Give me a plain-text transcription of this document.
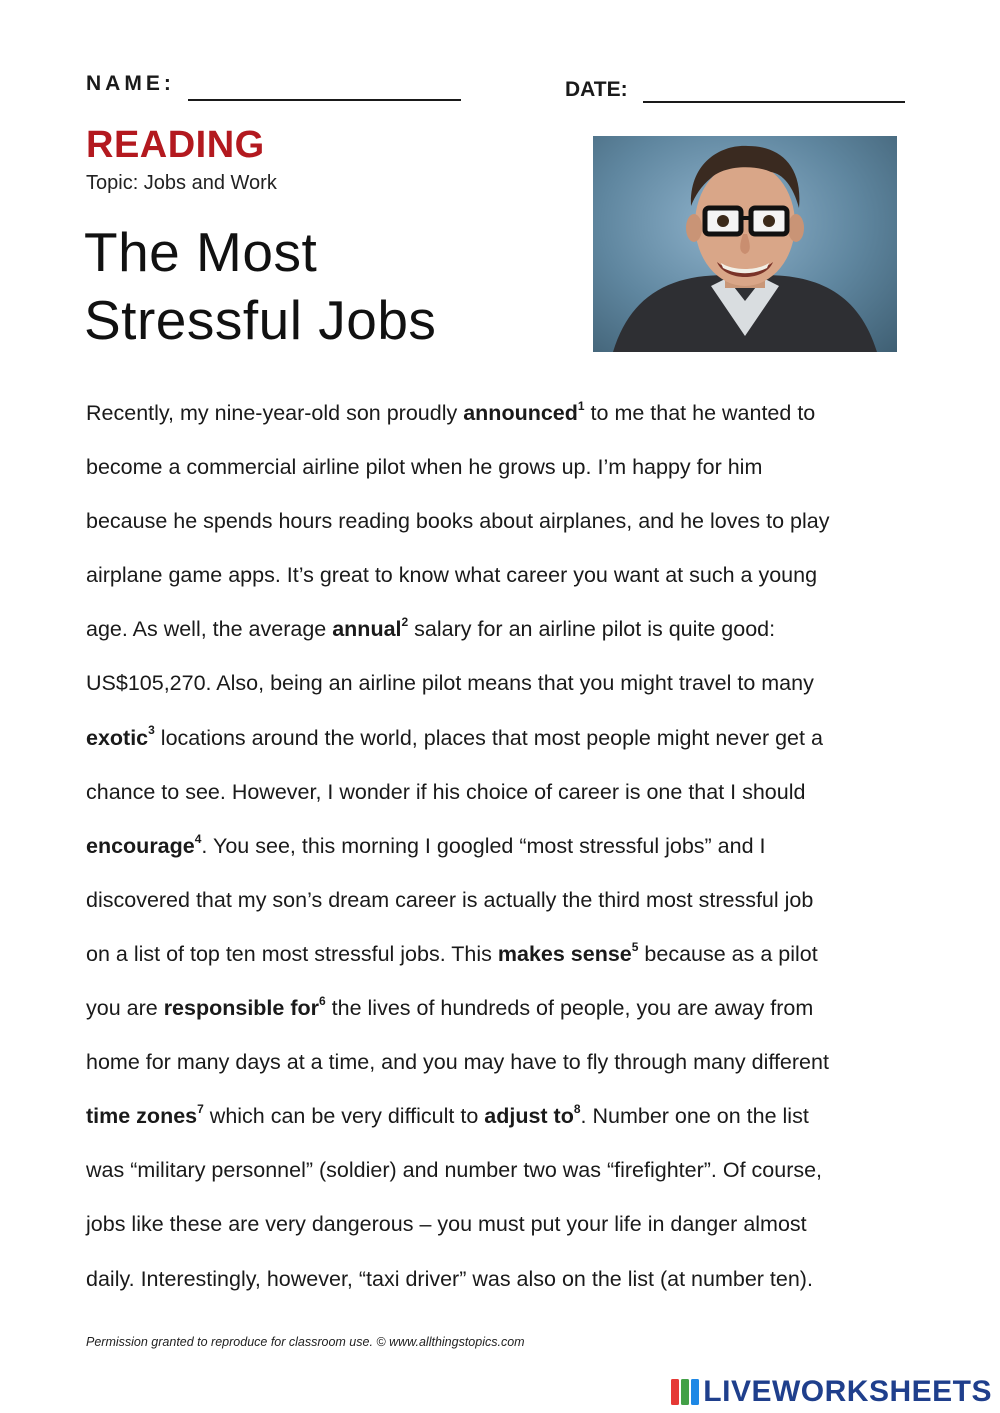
NAME:	DATE:
READING
Topic: Jobs and Work
The Most
Stressful Jobs
Recently, my nine-year-old son proudly announced$^1$ to me that he wanted to
become a commercial airline pilot when he grows up. I’m happy for him
because he spends hours reading books about airplanes, and he loves to play
airplane game apps. It’s great to know what career you want at such a young
age. As well, the average annual$^2$ salary for an airline pilot is quite good:
US$105,270. Also, being an airline pilot means that you might travel to many
exotic$^3$ locations around the world, places that most people might never get a
chance to see. However, I wonder if his choice of career is one that I should
encourage$^4$. You see, this morning I googled “most stressful jobs” and I
discovered that my son’s dream career is actually the third most stressful job
on a list of top ten most stressful jobs. This makes sense$^5$ because as a pilot
you are responsible for$^6$ the lives of hundreds of people, you are away from
home for many days at a time, and you may have to fly through many different
time zones$^7$ which can be very difficult to adjust $to^8$. Number one on the list
was “military personnel” (soldier) and number two was “firefighter”. Of course,
jobs like these are very dangerous – you must put your life in danger almost
daily. Interestingly, however, “taxi driver” was also on the list (at number ten).
Permission granted to reproduce for classroom use. © www.allthingstopics.com
LIVEWORKSHEETS
